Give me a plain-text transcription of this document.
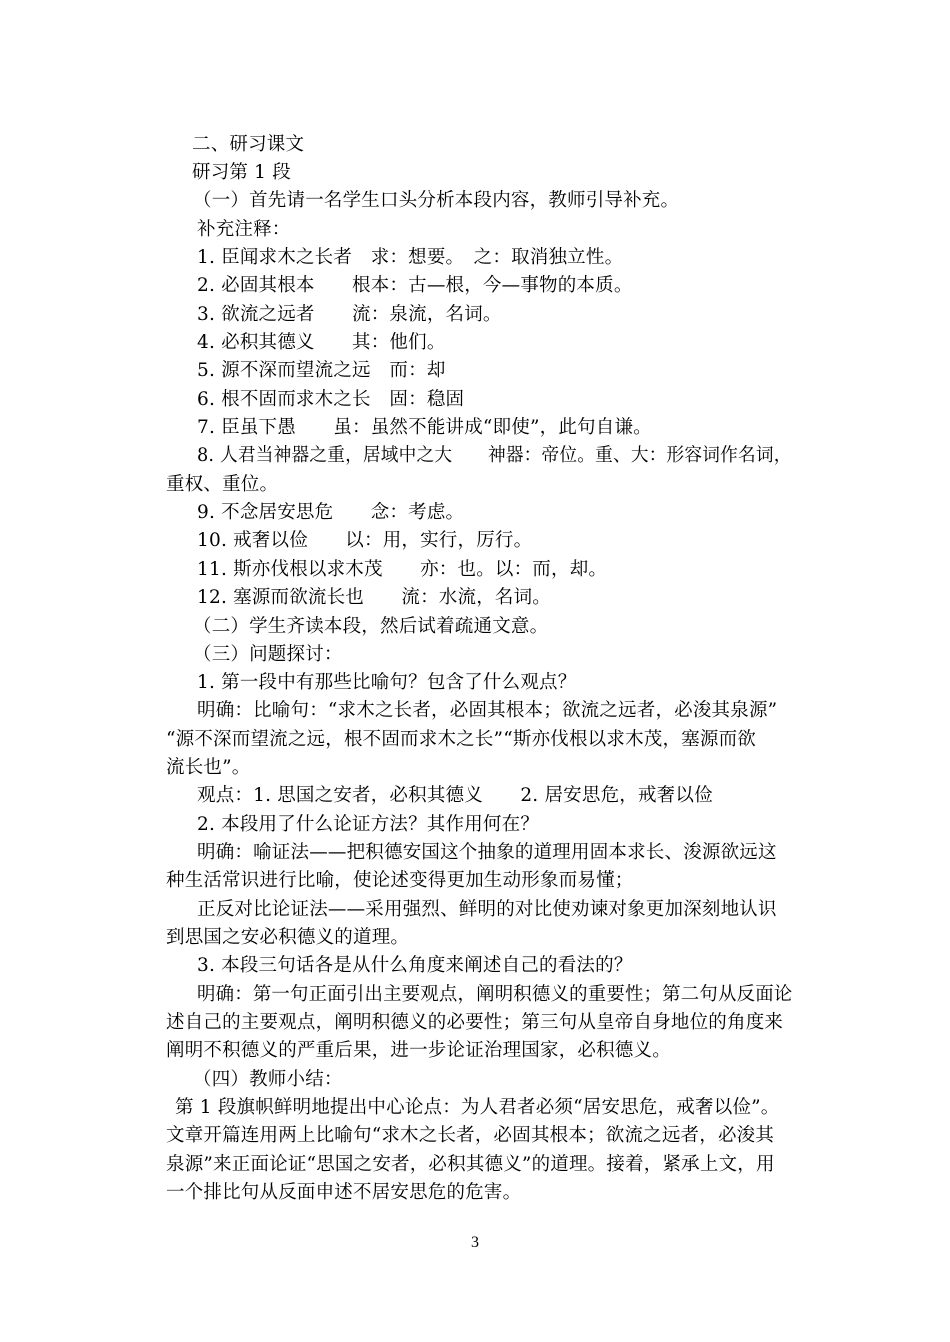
二、研习课文
研习第 1 段
（一）首先请一名学生口头分析本段内容，教师引导补充。
补充注释：
1. 臣闻求木之长者　求：想要。　之：取消独立性。
2. 必固其根本　　根本：古—根，今—事物的本质。
3. 欲流之远者　　流：泉流，名词。
4. 必积其德义　　其：他们。
5. 源不深而望流之远　而：却
6. 根不固而求木之长　固：稳固
7. 臣虽下愚　　虽：虽然不能讲成“即使”，此句自谦。
8. 人君当神器之重，居域中之大　　神器：帝位。重、大：形容词作名词，
重权、重位。
9. 不念居安思危　　念：考虑。
10. 戒奢以俭　　以：用，实行，厉行。
11. 斯亦伐根以求木茂　　亦：也。以：而，却。
12. 塞源而欲流长也　　流：水流，名词。
（二）学生齐读本段，然后试着疏通文意。
（三）问题探讨：
1. 第一段中有那些比喻句？包含了什么观点？
明确：比喻句：“求木之长者，必固其根本；欲流之远者，必浚其泉源”
“源不深而望流之远，根不固而求木之长”“斯亦伐根以求木茂，塞源而欲
流长也”。
观点：1. 思国之安者，必积其德义　　2. 居安思危，戒奢以俭
2. 本段用了什么论证方法？其作用何在？
明确：喻证法——把积德安国这个抽象的道理用固本求长、浚源欲远这
种生活常识进行比喻，使论述变得更加生动形象而易懂；
正反对比论证法——采用强烈、鲜明的对比使劝谏对象更加深刻地认识
到思国之安必积德义的道理。
3. 本段三句话各是从什么角度来阐述自己的看法的？
明确：第一句正面引出主要观点，阐明积德义的重要性；第二句从反面论
述自己的主要观点，阐明积德义的必要性；第三句从皇帝自身地位的角度来
阐明不积德义的严重后果，进一步论证治理国家，必积德义。
（四）教师小结：
第 1 段旗帜鲜明地提出中心论点：为人君者必须“居安思危，戒奢以俭”。
文章开篇连用两上比喻句“求木之长者，必固其根本；欲流之远者，必浚其
泉源”来正面论证“思国之安者，必积其德义”的道理。接着，紧承上文，用
一个排比句从反面申述不居安思危的危害。
3
